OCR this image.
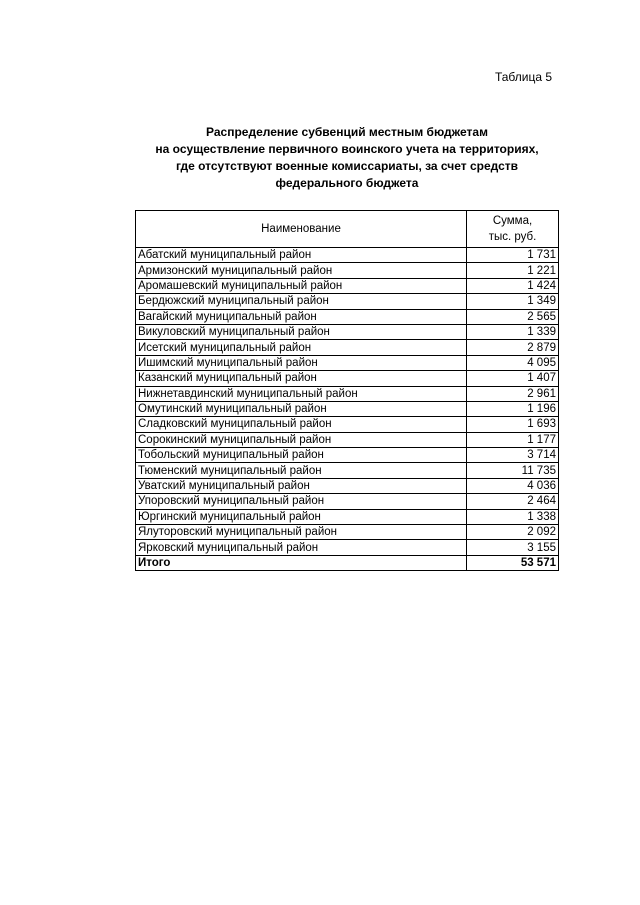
Таблица 5
Распределение субвенций местным бюджетам
на осуществление первичного воинского учета на территориях,
где отсутствуют военные комиссариаты, за счет средств
федерального бюджета
Наименование	Сумма,
тыс. руб.

Абатский муниципальный район	1 731
Армизонский муниципальный район	1 221
Аромашевский муниципальный район	1 424
Бердюжский муниципальный район	1 349
Вагайский муниципальный район	2 565
Викуловский муниципальный район	1 339
Исетский муниципальный район	2 879
Ишимский муниципальный район	4 095
Казанский муниципальный район	1 407
Нижнетавдинский муниципальный район	2 961
Омутинский муниципальный район	1 196
Сладковский муниципальный район	1 693
Сорокинский муниципальный район	1 177
Тобольский муниципальный район	3 714
Тюменский муниципальный район	11 735
Уватский муниципальный район	4 036
Упоровский муниципальный район	2 464
Юргинский муниципальный район	1 338
Ялуторовский муниципальный район	2 092
Ярковский муниципальный район	3 155
Итого	53 571
